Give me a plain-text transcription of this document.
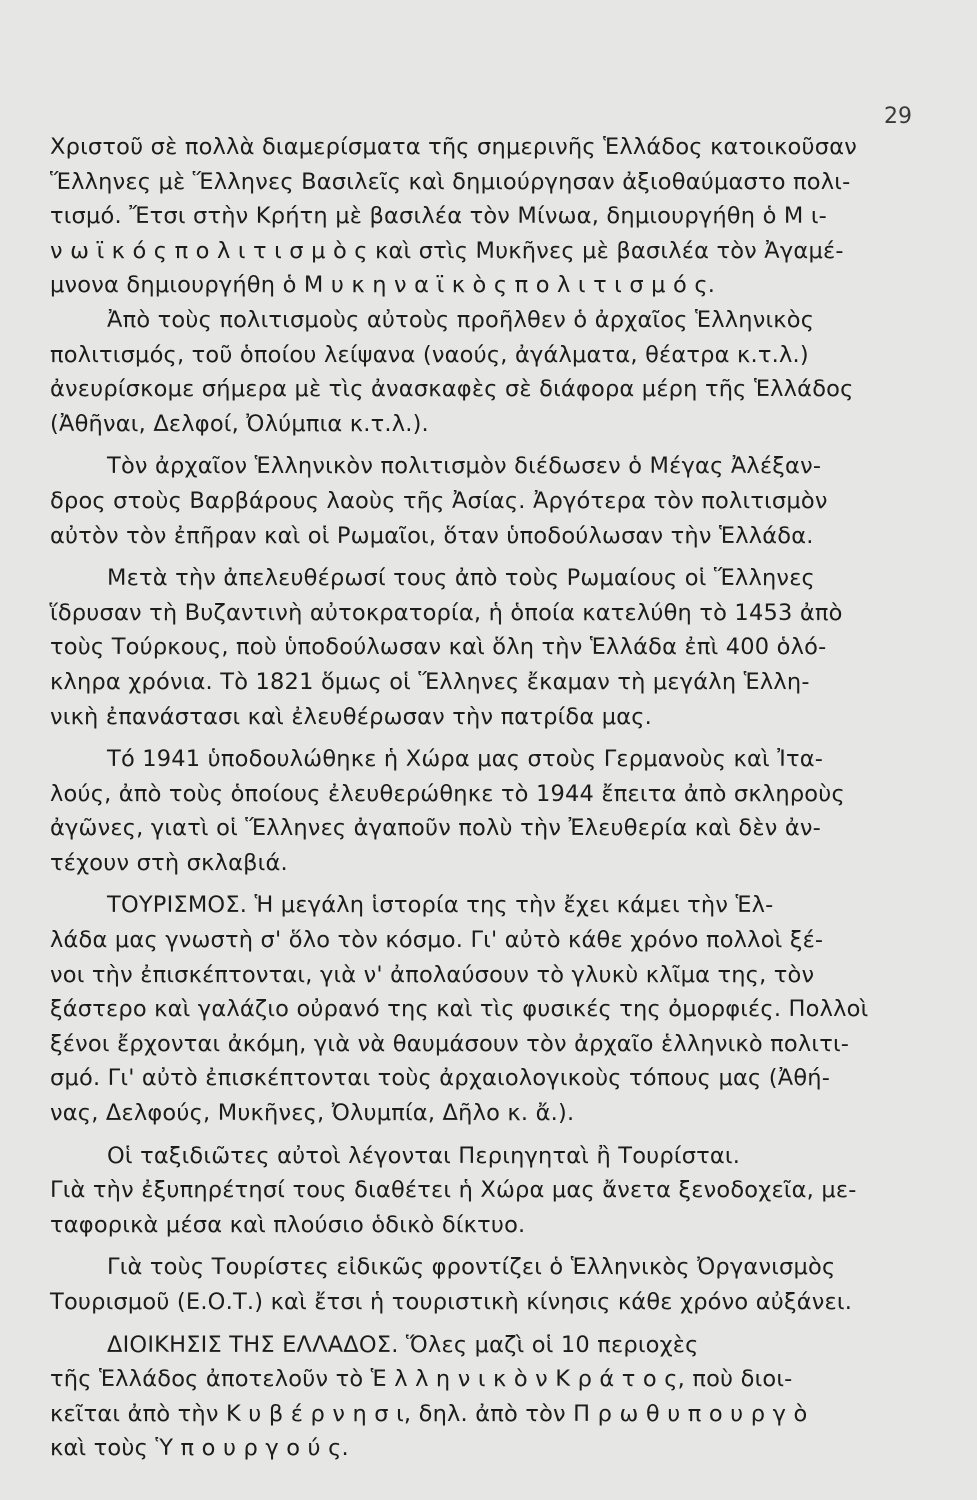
29
Χριστοῦ σὲ πολλὰ διαμερίσματα τῆς σημερινῆς Ἑλλάδος κατοικοῦσαν
Ἕλληνες μὲ Ἕλληνες Βασιλεῖς καὶ δημιούργησαν ἀξιοθαύμαστο πολι-
τισμό. Ἔτσι στὴν Κρήτη μὲ βασιλέα τὸν Μίνωα, δημιουργήθη ὁ Μ ι-
ν ω ϊ κ ό ς π ο λ ι τ ι σ μ ὸ ς καὶ στὶς Μυκῆνες μὲ βασιλέα τὸν Ἀγαμέ-
μνονα δημιουργήθη ὁ Μ υ κ η ν α ϊ κ ὸ ς π ο λ ι τ ι σ μ ό ς.
Ἀπὸ τοὺς πολιτισμοὺς αὐτοὺς προῆλθεν ὁ ἀρχαῖος Ἑλληνικὸς
πολιτισμός, τοῦ ὁποίου λείψανα (ναούς, ἀγάλματα, θέατρα κ.τ.λ.)
ἀνευρίσκομε σήμερα μὲ τὶς ἀνασκαφὲς σὲ διάφορα μέρη τῆς Ἑλλάδος
(Ἀθῆναι, Δελφοί, Ὀλύμπια κ.τ.λ.).
Τὸν ἀρχαῖον Ἑλληνικὸν πολιτισμὸν διέδωσεν ὁ Μέγας Ἀλέξαν-
δρος στοὺς Βαρβάρους λαοὺς τῆς Ἀσίας. Ἀργότερα τὸν πολιτισμὸν
αὐτὸν τὸν ἐπῆραν καὶ οἱ Ρωμαῖοι, ὅταν ὑποδούλωσαν τὴν Ἑλλάδα.
Μετὰ τὴν ἀπελευθέρωσί τους ἀπὸ τοὺς Ρωμαίους οἱ Ἕλληνες
ἵδρυσαν τὴ Βυζαντινὴ αὐτοκρατορία, ἡ ὁποία κατελύθη τὸ 1453 ἀπὸ
τοὺς Τούρκους, ποὺ ὑποδούλωσαν καὶ ὅλη τὴν Ἑλλάδα ἐπὶ 400 ὁλό-
κληρα χρόνια. Τὸ 1821 ὅμως οἱ Ἕλληνες ἔκαμαν τὴ μεγάλη Ἑλλη-
νικὴ ἐπανάστασι καὶ ἐλευθέρωσαν τὴν πατρίδα μας.
Τό 1941 ὑποδουλώθηκε ἡ Χώρα μας στοὺς Γερμανοὺς καὶ Ἰτα-
λούς, ἀπὸ τοὺς ὁποίους ἐλευθερώθηκε τὸ 1944 ἔπειτα ἀπὸ σκληροὺς
ἀγῶνες, γιατὶ οἱ Ἕλληνες ἀγαποῦν πολὺ τὴν Ἐλευθερία καὶ δὲν ἀν-
τέχουν στὴ σκλαβιά.
ΤΟΥΡΙΣΜΟΣ. Ἡ μεγάλη ἱστορία της τὴν ἔχει κάμει τὴν Ἑλ-
λάδα μας γνωστὴ σ' ὅλο τὸν κόσμο. Γι' αὐτὸ κάθε χρόνο πολλοὶ ξέ-
νοι τὴν ἐπισκέπτονται, γιὰ ν' ἀπολαύσουν τὸ γλυκὺ κλῖμα της, τὸν
ξάστερο καὶ γαλάζιο οὐρανό της καὶ τὶς φυσικές της ὀμορφιές. Πολλοὶ
ξένοι ἔρχονται ἀκόμη, γιὰ νὰ θαυμάσουν τὸν ἀρχαῖο ἑλληνικὸ πολιτι-
σμό. Γι' αὐτὸ ἐπισκέπτονται τοὺς ἀρχαιολογικοὺς τόπους μας (Ἀθή-
νας, Δελφούς, Μυκῆνες, Ὀλυμπία, Δῆλο κ. ἄ.).
Οἱ ταξιδιῶτες αὐτοὶ λέγονται Περιηγηταὶ ἢ Τουρίσται.
Γιὰ τὴν ἐξυπηρέτησί τους διαθέτει ἡ Χώρα μας ἄνετα ξενοδοχεῖα, με-
ταφορικὰ μέσα καὶ πλούσιο ὁδικὸ δίκτυο.
Γιὰ τοὺς Τουρίστες εἰδικῶς φροντίζει ὁ Ἑλληνικὸς Ὀργανισμὸς
Τουρισμοῦ (Ε.Ο.Τ.) καὶ ἔτσι ἡ τουριστικὴ κίνησις κάθε χρόνο αὐξάνει.
ΔΙΟΙΚΗΣΙΣ ΤΗΣ ΕΛΛΑΔΟΣ. Ὅλες μαζὶ οἱ 10 περιοχὲς
τῆς Ἑλλάδος ἀποτελοῦν τὸ Ἑ λ λ η ν ι κ ὸ ν Κ ρ ά τ ο ς, ποὺ διοι-
κεῖται ἀπὸ τὴν Κ υ β έ ρ ν η σ ι, δηλ. ἀπὸ τὸν Π ρ ω θ υ π ο υ ρ γ ὸ
καὶ τοὺς Ὑ π ο υ ρ γ ο ύ ς.
